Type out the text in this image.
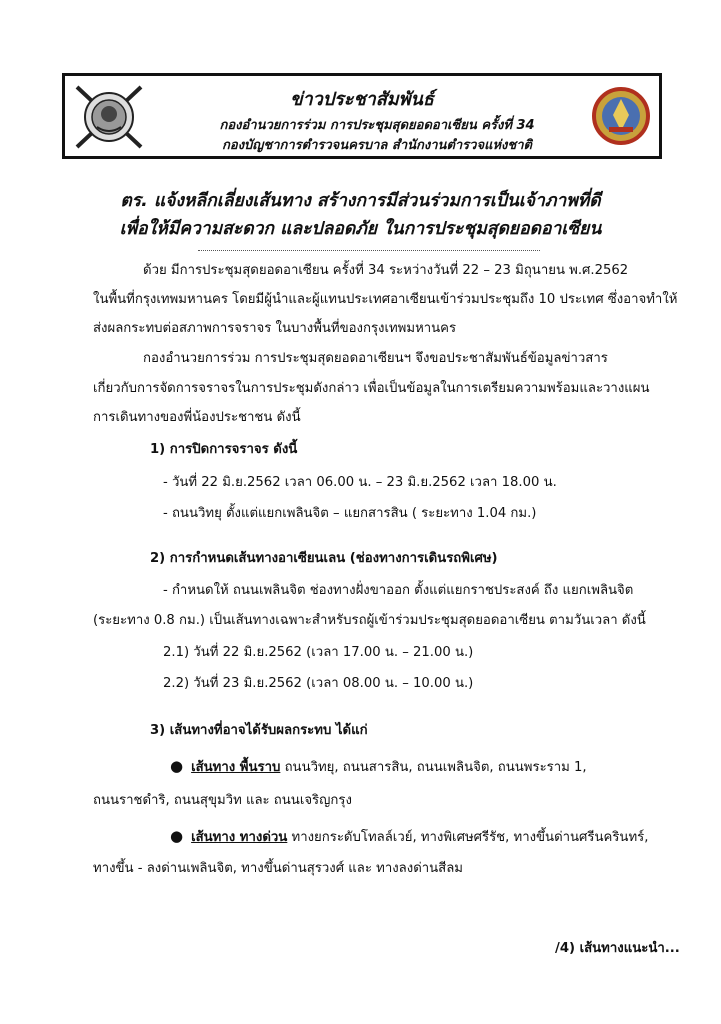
ข่าวประชาสัมพันธ์
กองอำนวยการร่วม การประชุมสุดยอดอาเซียน ครั้งที่ 34
กองบัญชาการตำรวจนครบาล สำนักงานตำรวจแห่งชาติ
ตร. แจ้งหลีกเลี่ยงเส้นทาง สร้างการมีส่วนร่วมการเป็นเจ้าภาพที่ดี
เพื่อให้มีความสะดวก และปลอดภัย ในการประชุมสุดยอดอาเซียน
ด้วย มีการประชุมสุดยอดอาเซียน ครั้งที่ 34 ระหว่างวันที่ 22 – 23 มิถุนายน พ.ศ.2562
ในพื้นที่กรุงเทพมหานคร โดยมีผู้นำและผู้แทนประเทศอาเซียนเข้าร่วมประชุมถึง 10 ประเทศ ซึ่งอาจทำให้
ส่งผลกระทบต่อสภาพการจราจร ในบางพื้นที่ของกรุงเทพมหานคร
กองอำนวยการร่วม การประชุมสุดยอดอาเซียนฯ จึงขอประชาสัมพันธ์ข้อมูลข่าวสาร
เกี่ยวกับการจัดการจราจรในการประชุมดังกล่าว เพื่อเป็นข้อมูลในการเตรียมความพร้อมและวางแผน
การเดินทางของพี่น้องประชาชน ดังนี้
1) การปิดการจราจร ดังนี้
- วันที่ 22 มิ.ย.2562 เวลา 06.00 น. – 23 มิ.ย.2562 เวลา 18.00 น.
- ถนนวิทยุ ตั้งแต่แยกเพลินจิต – แยกสารสิน ( ระยะทาง 1.04 กม.)
2) การกำหนดเส้นทางอาเซียนเลน (ช่องทางการเดินรถพิเศษ)
- กำหนดให้ ถนนเพลินจิต ช่องทางฝั่งขาออก ตั้งแต่แยกราชประสงค์ ถึง แยกเพลินจิต
(ระยะทาง 0.8 กม.) เป็นเส้นทางเฉพาะสำหรับรถผู้เข้าร่วมประชุมสุดยอดอาเซียน ตามวันเวลา ดังนี้
2.1) วันที่ 22 มิ.ย.2562 (เวลา 17.00 น. – 21.00 น.)
2.2) วันที่ 23 มิ.ย.2562 (เวลา 08.00 น. – 10.00 น.)
3) เส้นทางที่อาจได้รับผลกระทบ ได้แก่
● เส้นทาง พื้นราบ ถนนวิทยุ, ถนนสารสิน, ถนนเพลินจิต, ถนนพระราม 1,
ถนนราชดำริ, ถนนสุขุมวิท และ ถนนเจริญกรุง
● เส้นทาง ทางด่วน ทางยกระดับโทลล์เวย์, ทางพิเศษศรีรัช, ทางขึ้นด่านศรีนครินทร์,
ทางขึ้น - ลงด่านเพลินจิต, ทางขึ้นด่านสุรวงศ์ และ ทางลงด่านสีลม
/4) เส้นทางแนะนำ...
